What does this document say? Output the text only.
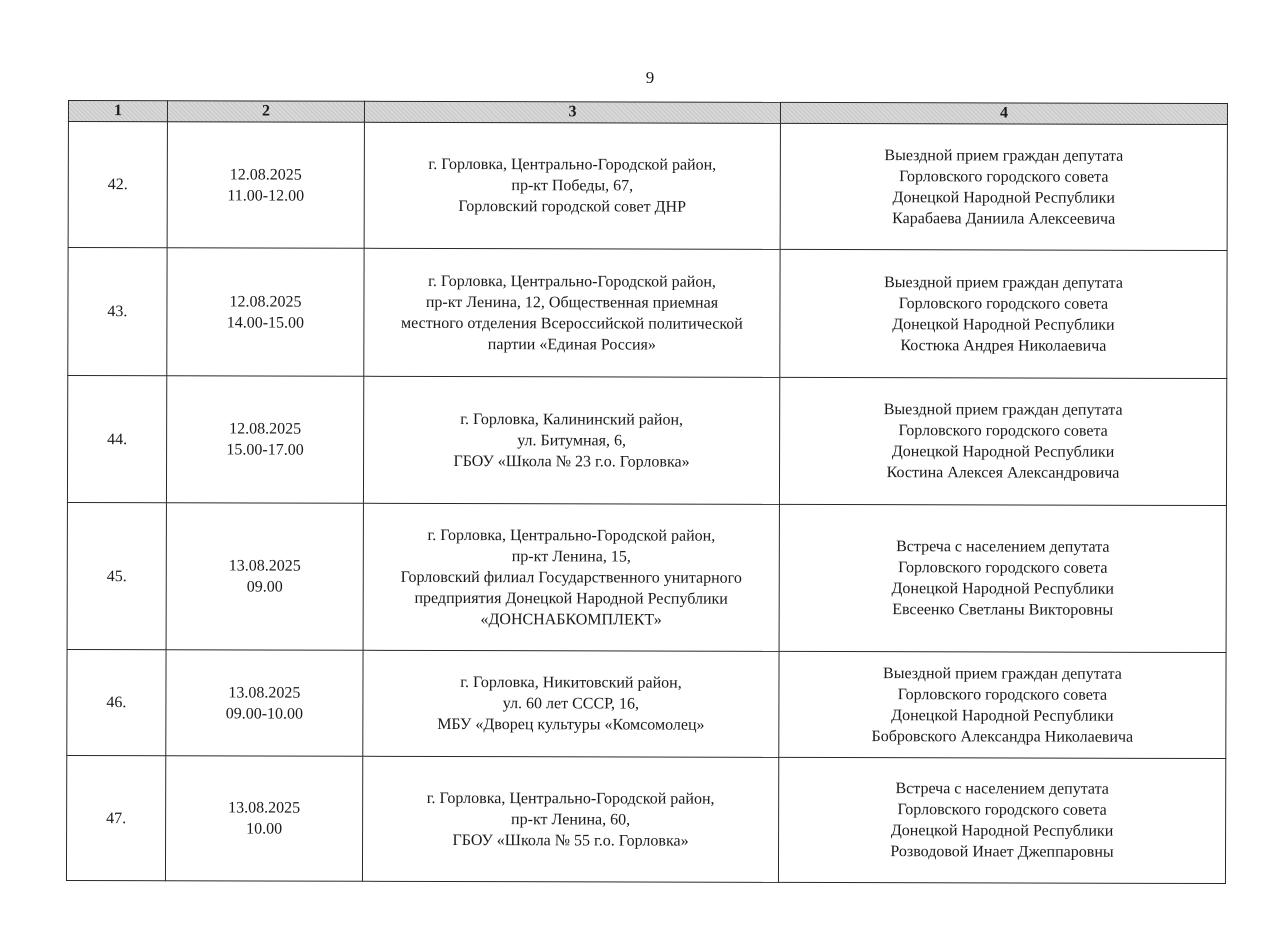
9
1	2	3	4
42.	12.08.2025
11.00-12.00	г. Горловка, Центрально-Городской район,
пр-кт Победы, 67,
Горловский городской совет ДНР	Выездной прием граждан депутата
Горловского городского совета
Донецкой Народной Республики
Карабаева Даниила Алексеевича

43.	12.08.2025
14.00-15.00	г. Горловка, Центрально-Городской район,
пр-кт Ленина, 12, Общественная приемная
местного отделения Всероссийской политической
партии «Единая Россия»	Выездной прием граждан депутата
Горловского городского совета
Донецкой Народной Республики
Костюка Андрея Николаевича

44.	12.08.2025
15.00-17.00	г. Горловка, Калининский район,
ул. Битумная, 6,
ГБОУ «Школа № 23 г.о. Горловка»	Выездной прием граждан депутата
Горловского городского совета
Донецкой Народной Республики
Костина Алексея Александровича

45.	13.08.2025
09.00	г. Горловка, Центрально-Городской район,
пр-кт Ленина, 15,
Горловский филиал Государственного унитарного
предприятия Донецкой Народной Республики
«ДОНСНАБКОМПЛЕКТ»	Встреча с населением депутата
Горловского городского совета
Донецкой Народной Республики
Евсеенко Светланы Викторовны

46.	13.08.2025
09.00-10.00	г. Горловка, Никитовский район,
ул. 60 лет СССР, 16,
МБУ «Дворец культуры «Комсомолец»	Выездной прием граждан депутата
Горловского городского совета
Донецкой Народной Республики
Бобровского Александра Николаевича

47.	13.08.2025
10.00	г. Горловка, Центрально-Городской район,
пр-кт Ленина, 60,
ГБОУ «Школа № 55 г.о. Горловка»	Встреча с населением депутата
Горловского городского совета
Донецкой Народной Республики
Розводовой Инает Джеппаровны
